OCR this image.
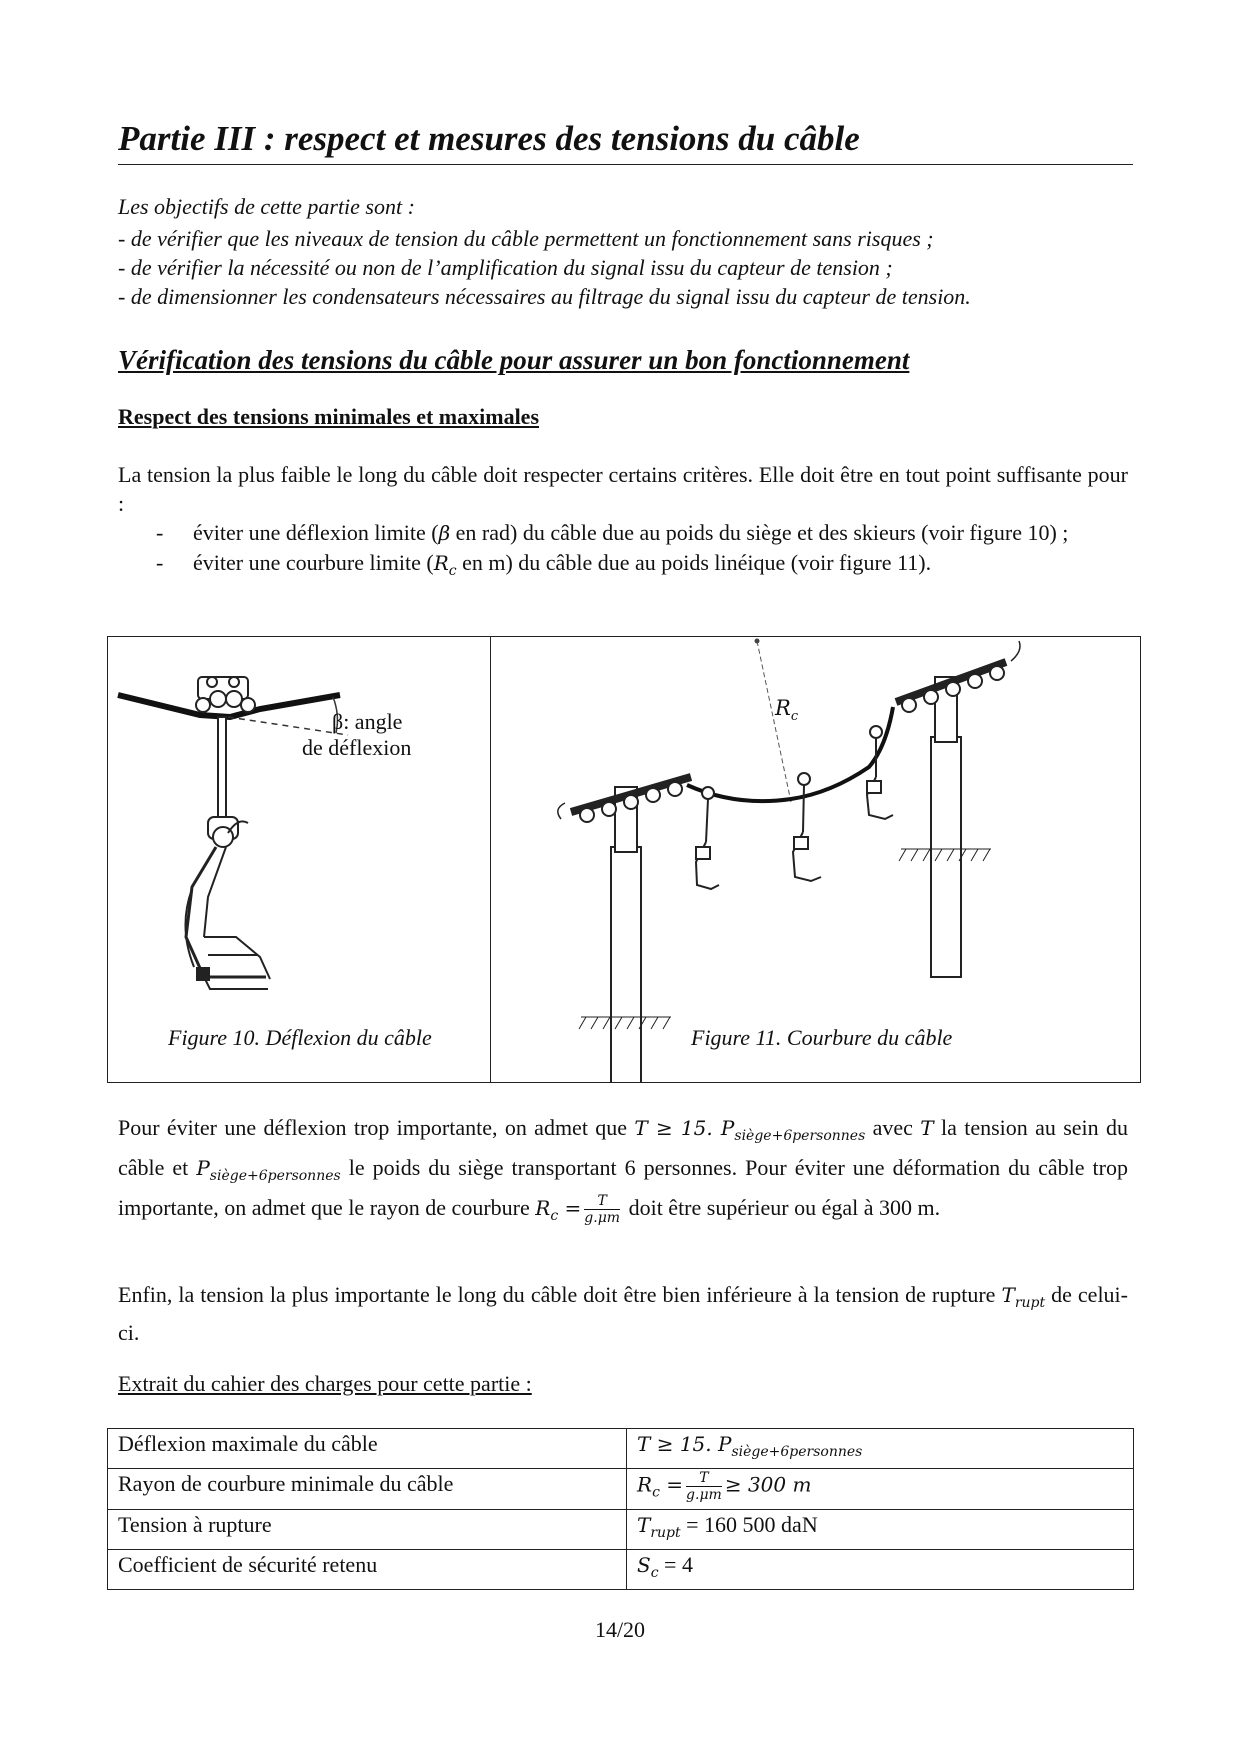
Partie III : respect et mesures des tensions du câble

Les objectifs de cette partie sont :

- de vérifier que les niveaux de tension du câble permettent un fonctionnement sans risques ;

- de vérifier la nécessité ou non de l’amplification du signal issu du capteur de tension ;

- de dimensionner les condensateurs nécessaires au filtrage du signal issu du capteur de tension.

Vérification des tensions du câble pour assurer un bon fonctionnement
Respect des tensions minimales et maximales

La tension la plus faible le long du câble doit respecter certains critères. Elle doit être en tout point suffisante pour :

- éviter une déflexion limite (β en rad) du câble due au poids du siège et des skieurs (voir figure 10) ;
- éviter une courbure limite ($R_c$ en m) du câble due au poids linéique (voir figure 11).
β: angle
de déflexion
Figure 10. Déflexion du câble
$R_c$
Figure 11. Courbure du câble

Pour éviter une déflexion trop importante, on admet que T ≥ 15. $P_{siège+6personnes}$ avec T la tension au sein du câble et $P_{siège+6personnes}$ le poids du siège transportant 6 personnes. Pour éviter une déformation du câble trop importante, on admet que le rayon de courbure $R_c = \frac{T}{g.\mu m}$ doit être supérieur ou égal à 300 m.

Enfin, la tension la plus importante le long du câble doit être bien inférieure à la tension de rupture $T_{rupt}$ de celui-ci.

Extrait du cahier des charges pour cette partie :

Déflexion maximale du câble	T ≥ 15. $P_{siège+6personnes}$
Rayon de courbure minimale du câble	$R_c = \frac{T}{g.\mu m} \ge 300$ m
Tension à rupture	$T_{rupt} = 160$ 500 daN
Coefficient de sécurité retenu	$S_c = 4$
14/20
